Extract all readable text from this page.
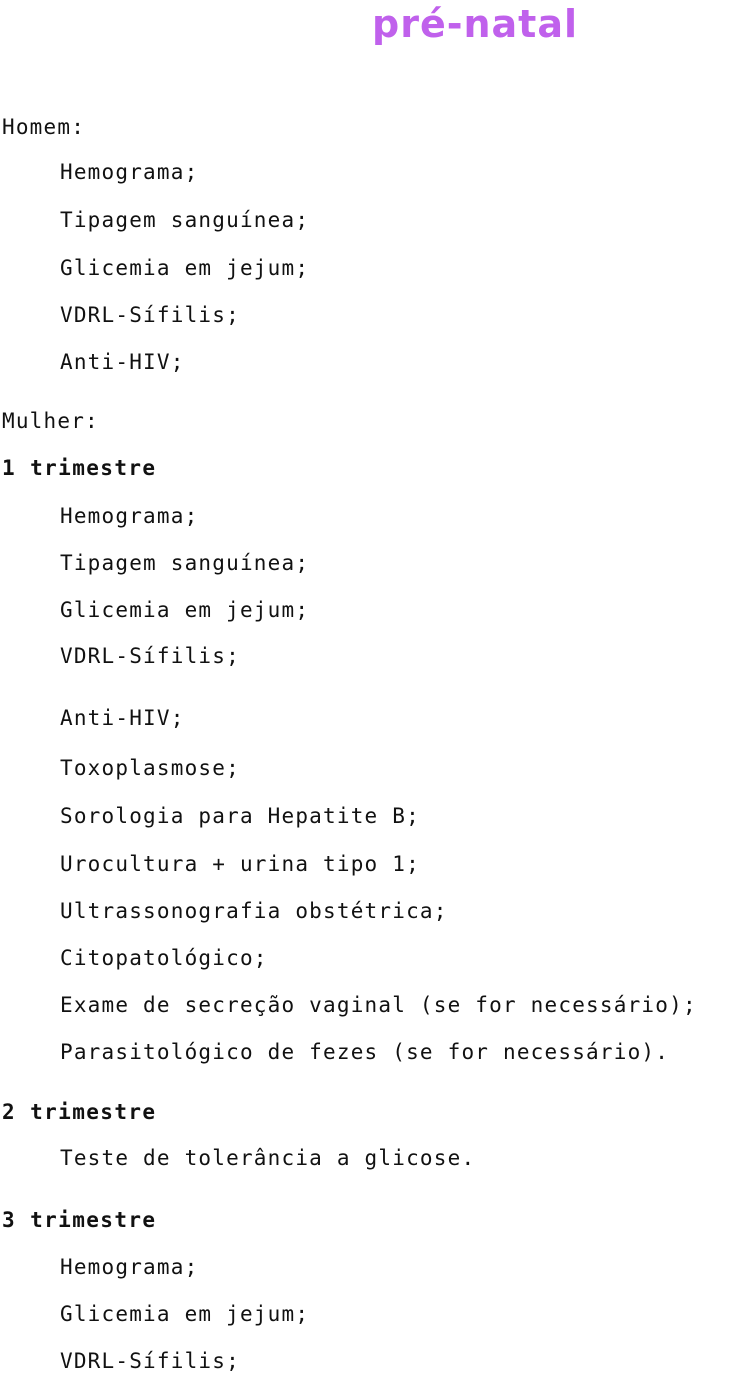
pré-natal
Homem:
Hemograma;
Tipagem sanguínea;
Glicemia em jejum;
VDRL-Sífilis;
Anti-HIV;
Mulher:
1 trimestre
Hemograma;
Tipagem sanguínea;
Glicemia em jejum;
VDRL-Sífilis;
Anti-HIV;
Toxoplasmose;
Sorologia para Hepatite B;
Urocultura + urina tipo 1;
Ultrassonografia obstétrica;
Citopatológico;
Exame de secreção vaginal (se for necessário);
Parasitológico de fezes (se for necessário).
2 trimestre
Teste de tolerância a glicose.
3 trimestre
Hemograma;
Glicemia em jejum;
VDRL-Sífilis;
